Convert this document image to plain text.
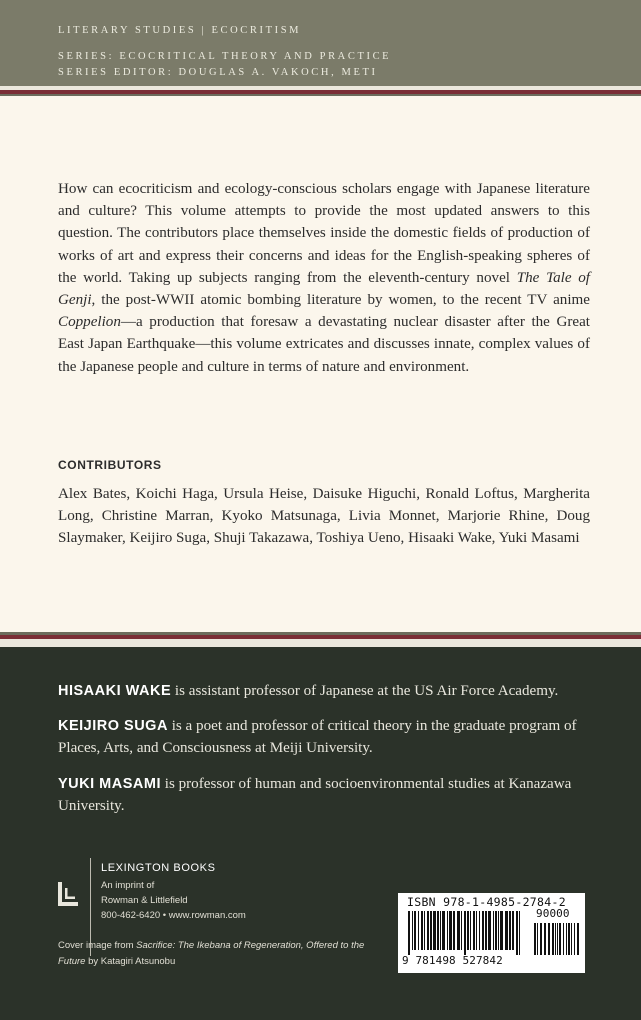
LITERARY STUDIES | ECOCRITISM
SERIES: ECOCRITICAL THEORY AND PRACTICE
SERIES EDITOR: DOUGLAS A. VAKOCH, METI

How can ecocriticism and ecology-conscious scholars engage with Japanese literature and culture? This volume attempts to provide the most updated answers to this question. The contributors place themselves inside the domestic fields of production of works of art and express their concerns and ideas for the English-speaking spheres of the world. Taking up subjects ranging from the eleventh-century novel The Tale of Genji, the post-WWII atomic bombing literature by women, to the recent TV anime Coppelion—a production that foresaw a devastating nuclear disaster after the Great East Japan Earthquake—this volume extricates and discusses innate, complex values of the Japanese people and culture in terms of nature and environment.

CONTRIBUTORS

Alex Bates, Koichi Haga, Ursula Heise, Daisuke Higuchi, Ronald Loftus, Margherita Long, Christine Marran, Kyoko Matsunaga, Livia Monnet, Marjorie Rhine, Doug Slaymaker, Keijiro Suga, Shuji Takazawa, Toshiya Ueno, Hisaaki Wake, Yuki Masami

HISAAKI WAKE is assistant professor of Japanese at the US Air Force Academy.

KEIJIRO SUGA is a poet and professor of critical theory in the graduate program of Places, Arts, and Consciousness at Meiji University.

YUKI MASAMI is professor of human and socioenvironmental studies at Kanazawa University.

LEXINGTON BOOKS
An imprint of
Rowman & Littlefield
800-462-6420 • www.rowman.com

Cover image from Sacrifice: The Ikebana of Regeneration, Offered to the Future by Katagiri Atsunobu

ISBN 978-1-4985-2784-2
9 781498 527842
90000
